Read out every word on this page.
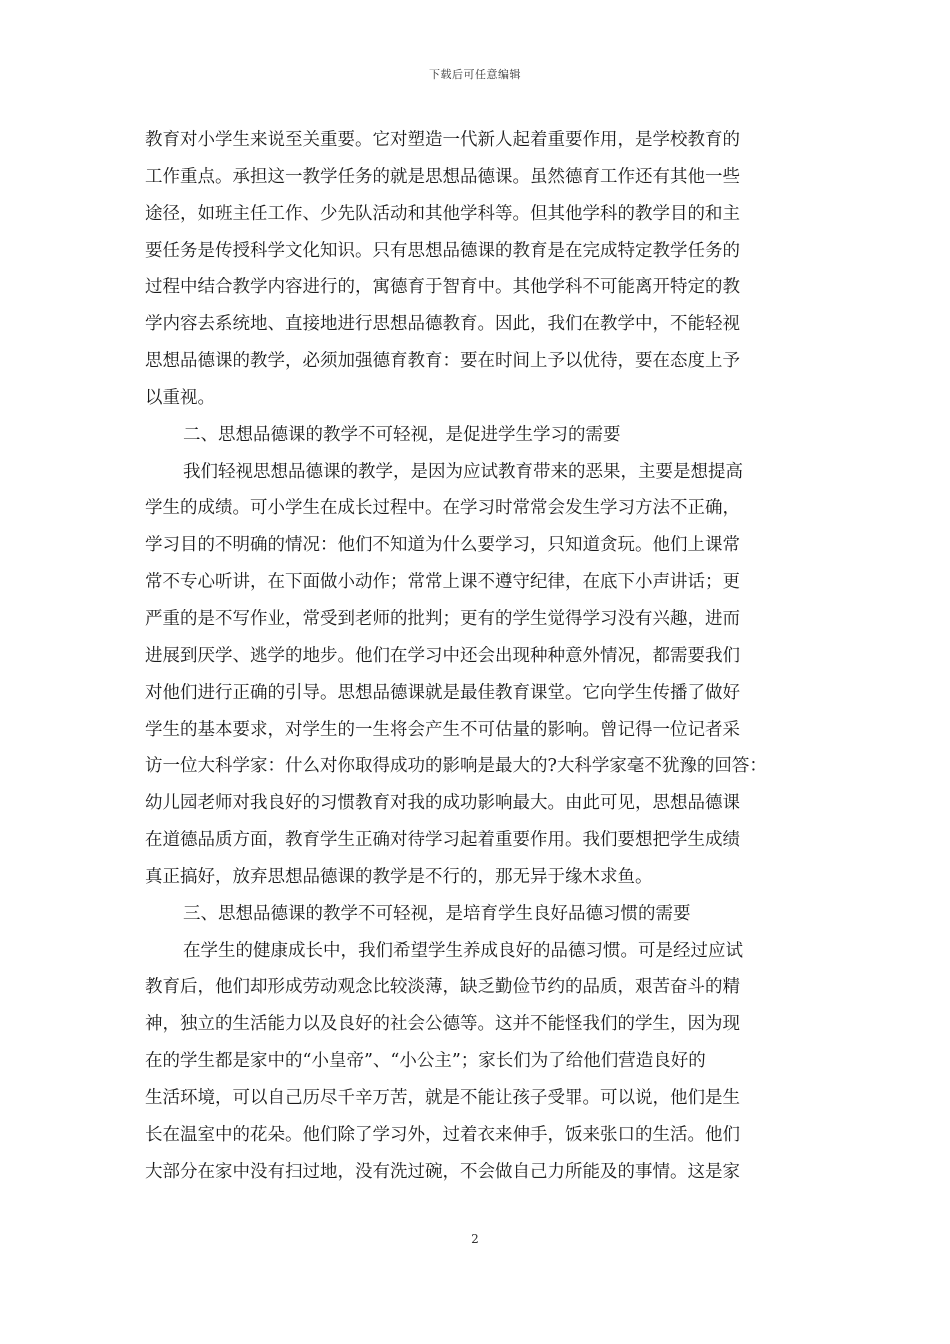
下载后可任意编辑
教育对小学生来说至关重要。它对塑造一代新人起着重要作用，是学校教育的
工作重点。承担这一教学任务的就是思想品德课。虽然德育工作还有其他一些
途径，如班主任工作、少先队活动和其他学科等。但其他学科的教学目的和主
要任务是传授科学文化知识。只有思想品德课的教育是在完成特定教学任务的
过程中结合教学内容进行的，寓德育于智育中。其他学科不可能离开特定的教
学内容去系统地、直接地进行思想品德教育。因此，我们在教学中，不能轻视
思想品德课的教学，必须加强德育教育：要在时间上予以优待，要在态度上予
以重视。
二、思想品德课的教学不可轻视，是促进学生学习的需要
我们轻视思想品德课的教学，是因为应试教育带来的恶果，主要是想提高
学生的成绩。可小学生在成长过程中。在学习时常常会发生学习方法不正确，
学习目的不明确的情况：他们不知道为什么要学习，只知道贪玩。他们上课常
常不专心听讲，在下面做小动作；常常上课不遵守纪律，在底下小声讲话；更
严重的是不写作业，常受到老师的批判；更有的学生觉得学习没有兴趣，进而
进展到厌学、逃学的地步。他们在学习中还会出现种种意外情况，都需要我们
对他们进行正确的引导。思想品德课就是最佳教育课堂。它向学生传播了做好
学生的基本要求，对学生的一生将会产生不可估量的影响。曾记得一位记者采
访一位大科学家：什么对你取得成功的影响是最大的?大科学家毫不犹豫的回答：
幼儿园老师对我良好的习惯教育对我的成功影响最大。由此可见，思想品德课
在道德品质方面，教育学生正确对待学习起着重要作用。我们要想把学生成绩
真正搞好，放弃思想品德课的教学是不行的，那无异于缘木求鱼。
三、思想品德课的教学不可轻视，是培育学生良好品德习惯的需要
在学生的健康成长中，我们希望学生养成良好的品德习惯。可是经过应试
教育后，他们却形成劳动观念比较淡薄，缺乏勤俭节约的品质，艰苦奋斗的精
神，独立的生活能力以及良好的社会公德等。这并不能怪我们的学生，因为现
在的学生都是家中的“小皇帝”、“小公主”；家长们为了给他们营造良好的
生活环境，可以自己历尽千辛万苦，就是不能让孩子受罪。可以说，他们是生
长在温室中的花朵。他们除了学习外，过着衣来伸手，饭来张口的生活。他们
大部分在家中没有扫过地，没有洗过碗，不会做自己力所能及的事情。这是家
2
